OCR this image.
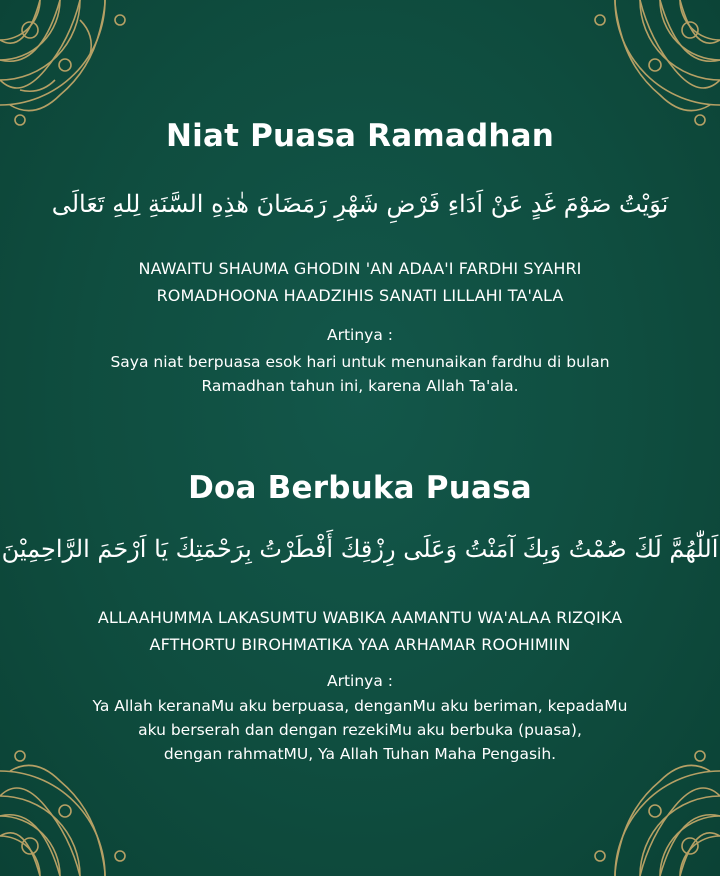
Niat Puasa Ramadhan

نَوَيْتُ صَوْمَ غَدٍ عَنْ اَدَاءِ فَرْضِ شَهْرِ رَمَضَانَ هٰذِهِ السَّنَةِ لِلهِ تَعَالَى

NAWAITU SHAUMA GHODIN 'AN ADAA'I FARDHI SYAHRI

ROMADHOONA HAADZIHIS SANATI LILLAHI TA'ALA

Artinya :

Saya niat berpuasa esok hari untuk menunaikan fardhu di bulan

Ramadhan tahun ini, karena Allah Ta'ala.

Doa Berbuka Puasa

اَللّٰهُمَّ لَكَ صُمْتُ وَبِكَ آمَنْتُ وَعَلَى رِزْقِكَ أَفْطَرْتُ بِرَحْمَتِكَ يَا اَرْحَمَ الرَّاحِمِيْنَ

ALLAAHUMMA LAKASUMTU WABIKA AAMANTU WA'ALAA RIZQIKA

AFTHORTU BIROHMATIKA YAA ARHAMAR ROOHIMIIN

Artinya :

Ya Allah keranaMu aku berpuasa, denganMu aku beriman, kepadaMu

aku berserah dan dengan rezekiMu aku berbuka (puasa),

dengan rahmatMU, Ya Allah Tuhan Maha Pengasih.
